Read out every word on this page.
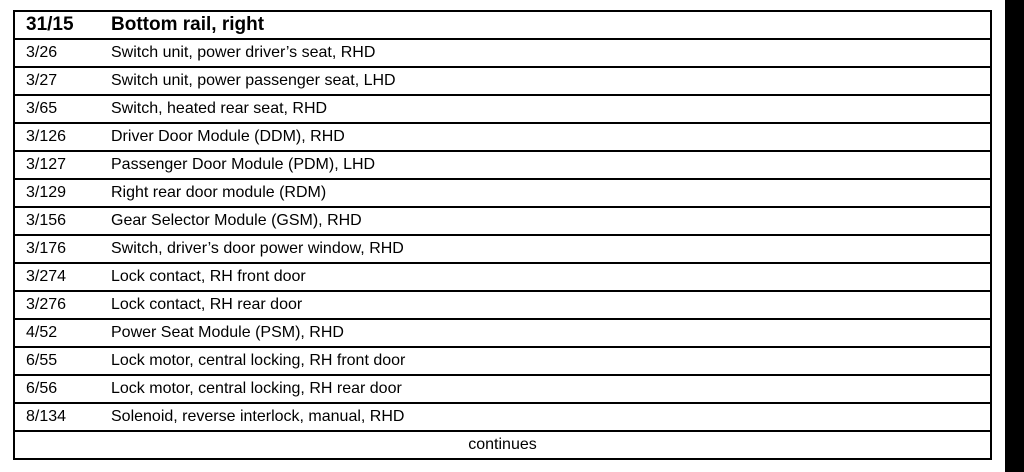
31/15	Bottom rail, right
3/26	Switch unit, power driver’s seat, RHD
3/27	Switch unit, power passenger seat, LHD
3/65	Switch, heated rear seat, RHD
3/126	Driver Door Module (DDM), RHD
3/127	Passenger Door Module (PDM), LHD
3/129	Right rear door module (RDM)
3/156	Gear Selector Module (GSM), RHD
3/176	Switch, driver’s door power window, RHD
3/274	Lock contact, RH front door
3/276	Lock contact, RH rear door
4/52	Power Seat Module (PSM), RHD
6/55	Lock motor, central locking, RH front door
6/56	Lock motor, central locking, RH rear door
8/134	Solenoid, reverse interlock, manual, RHD
continues
